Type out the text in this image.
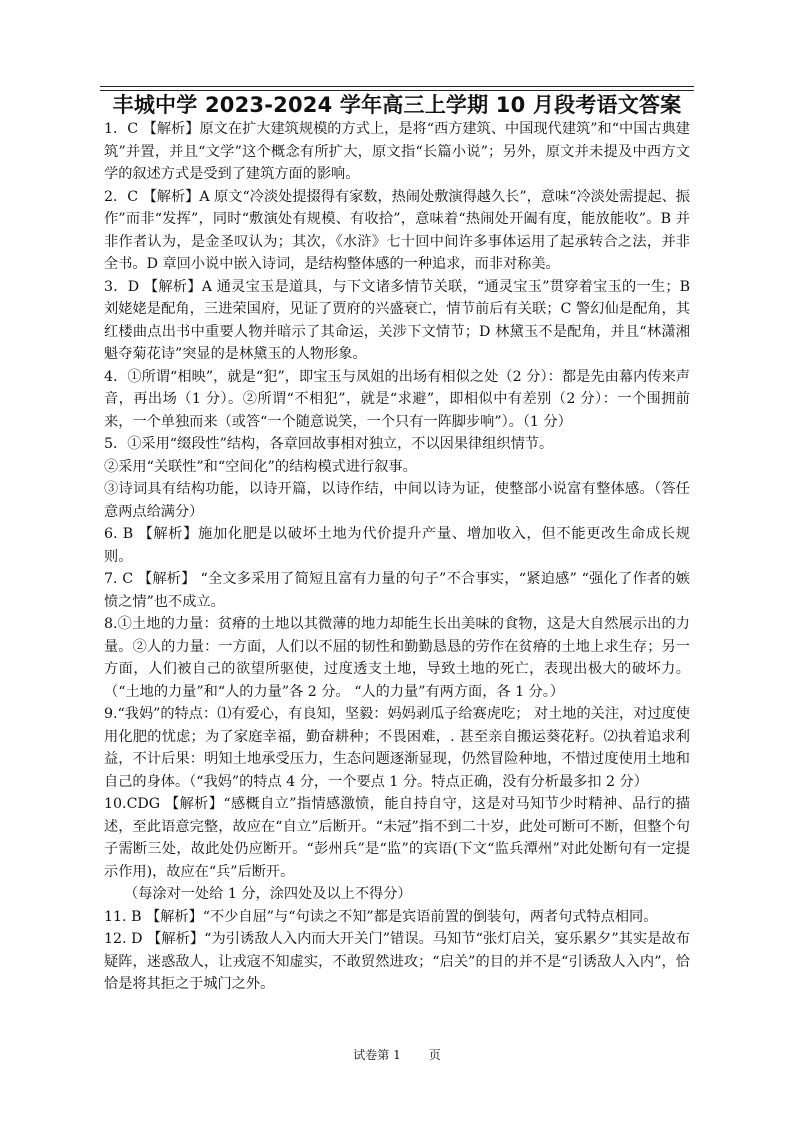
丰城中学 2023-2024 学年高三上学期 10 月段考语文答案

1．C 【解析】原文在扩大建筑规模的方式上，是将“西方建筑、中国现代建筑”和“中国古典建筑”并置，并且“文学”这个概念有所扩大，原文指“长篇小说”；另外，原文并未提及中西方文学的叙述方式是受到了建筑方面的影响。

2．C 【解析】A 原文“冷淡处提掇得有家数，热闹处敷演得越久长”，意味“冷淡处需提起、振作”而非“发挥”，同时“敷演处有规模、有收拾”，意味着“热闹处开阖有度，能放能收”。B 并非作者认为，是金圣叹认为；其次，《水浒》七十回中间许多事体运用了起承转合之法，并非全书。D 章回小说中嵌入诗词，是结构整体感的一种追求，而非对称美。

3．D 【解析】A 通灵宝玉是道具，与下文诸多情节关联，“通灵宝玉”贯穿着宝玉的一生；B 刘姥姥是配角，三进荣国府，见证了贾府的兴盛衰亡，情节前后有关联；C 警幻仙是配角，其红楼曲点出书中重要人物并暗示了其命运，关涉下文情节；D 林黛玉不是配角，并且“林潇湘魁夺菊花诗”突显的是林黛玉的人物形象。

4．①所谓“相映”，就是“犯”，即宝玉与凤姐的出场有相似之处（2 分）：都是先由幕内传来声音，再出场（1 分）。②所谓“不相犯”，就是“求避”，即相似中有差别（2 分）：一个围拥前来，一个单独而来（或答“一个随意说笑，一个只有一阵脚步响”）。（1 分）

5．①采用“缀段性”结构，各章回故事相对独立，不以因果律组织情节。

②采用“关联性”和“空间化”的结构模式进行叙事。

③诗词具有结构功能，以诗开篇，以诗作结，中间以诗为证，使整部小说富有整体感。（答任意两点给满分）

6. B 【解析】施加化肥是以破坏土地为代价提升产量、增加收入，但不能更改生命成长规则。

7. C 【解析】 “全文多采用了简短且富有力量的句子”不合事实，“紧迫感” “强化了作者的嫉愤之情”也不成立。

8.①土地的力量：贫瘠的土地以其微薄的地力却能生长出美味的食物，这是大自然展示出的力量。②人的力量：一方面，人们以不屈的韧性和勤勤恳恳的劳作在贫瘠的土地上求生存；另一方面，人们被自己的欲望所驱使，过度透支土地，导致土地的死亡，表现出极大的破坏力。（“土地的力量”和“人的力量”各 2 分。 “人的力量”有两方面，各 1 分。）

9.“我妈”的特点：⑴有爱心，有良知，坚毅：妈妈剥瓜子给赛虎吃； 对土地的关注，对过度使用化肥的忧虑；为了家庭幸福，勤奋耕种；不畏困难，. 甚至亲自搬运葵花籽。⑵执着追求利益，不计后果：明知土地承受压力，生态问题逐渐显现，仍然冒险种地，不惜过度使用土地和自己的身体。（“我妈”的特点 4 分，一个要点 1 分。特点正确，没有分析最多扣 2 分）

10.CDG 【解析】“感概自立”指情感激愤，能自持自守，这是对马知节少时精神、品行的描述，至此语意完整，故应在“自立”后断开。“未冠”指不到二十岁，此处可断可不断，但整个句子需断三处，故此处仍应断开。“彭州兵”是“监”的宾语(下文“监兵潭州”对此处断句有一定提示作用)，故应在“兵”后断开。

（每涂对一处给 1 分，涂四处及以上不得分）

11. B 【解析】“不少自屈”与“句读之不知”都是宾语前置的倒装句，两者句式特点相同。

12. D 【解析】“为引诱敌人入内而大开关门”错误。马知节“张灯启关，宴乐累夕”其实是故布疑阵，迷惑敌人，让戎寇不知虚实，不敢贸然进攻；“启关”的目的并不是“引诱敌人入内”，恰恰是将其拒之于城门之外。

试卷第 1 页
